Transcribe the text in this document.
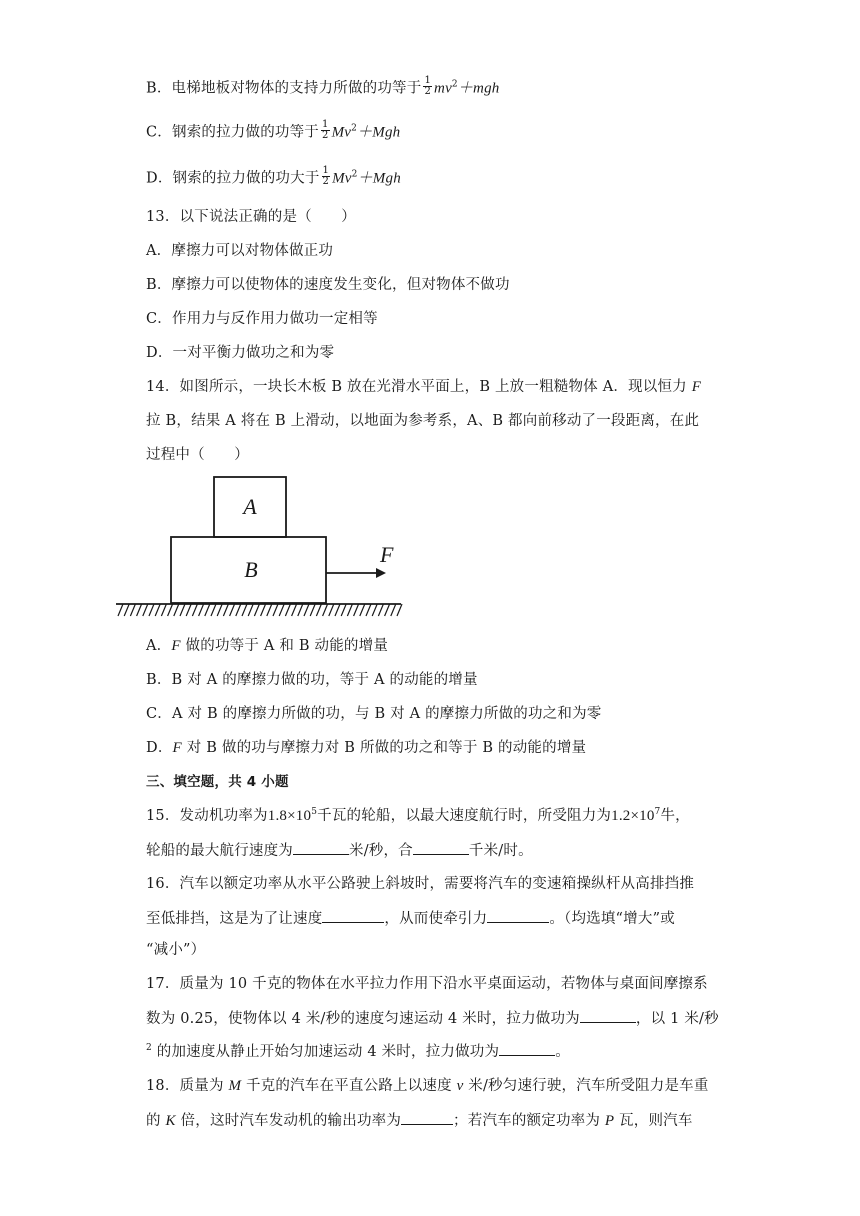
B．电梯地板对物体的支持力所做的功等于 $\frac{1}{2} mv^2+mgh$
C．钢索的拉力做的功等于 $\frac{1}{2} Mv^2+Mgh$
D．钢索的拉力做的功大于 $\frac{1}{2} Mv^2+Mgh$
13．以下说法正确的是（　　）
A．摩擦力可以对物体做正功
B．摩擦力可以使物体的速度发生变化，但对物体不做功
C．作用力与反作用力做功一定相等
D．一对平衡力做功之和为零
14．如图所示，一块长木板 B 放在光滑水平面上，B 上放一粗糙物体 A．现以恒力 F
拉 B，结果 A 将在 B 上滑动，以地面为参考系，A、B 都向前移动了一段距离，在此
过程中（　　）
A
B
F
A．F 做的功等于 A 和 B 动能的增量
B．B 对 A 的摩擦力做的功，等于 A 的动能的增量
C．A 对 B 的摩擦力所做的功，与 B 对 A 的摩擦力所做的功之和为零
D．F 对 B 做的功与摩擦力对 B 所做的功之和等于 B 的动能的增量
三、填空题，共 4 小题
15．发动机功率为$1.8\times 10^5$千瓦的轮船，以最大速度航行时，所受阻力为$1.2\times 10^7$牛，
轮船的最大航行速度为	米/秒，合	千米/时。
16．汽车以额定功率从水平公路驶上斜坡时，需要将汽车的变速箱操纵杆从高排挡推
至低排挡，这是为了让速度	，从而使牵引力	。（均选填“增大”或
“减小”）
17．质量为 10 千克的物体在水平拉力作用下沿水平桌面运动，若物体与桌面间摩擦系
数为 0.25，使物体以 4 米/秒的速度匀速运动 4 米时，拉力做功为	，以 1 米/秒
$^2$ 的加速度从静止开始匀加速运动 4 米时，拉力做功为	。
18．质量为 M 千克的汽车在平直公路上以速度 v 米/秒匀速行驶，汽车所受阻力是车重
的 K 倍，这时汽车发动机的输出功率为	；若汽车的额定功率为 P 瓦，则汽车
